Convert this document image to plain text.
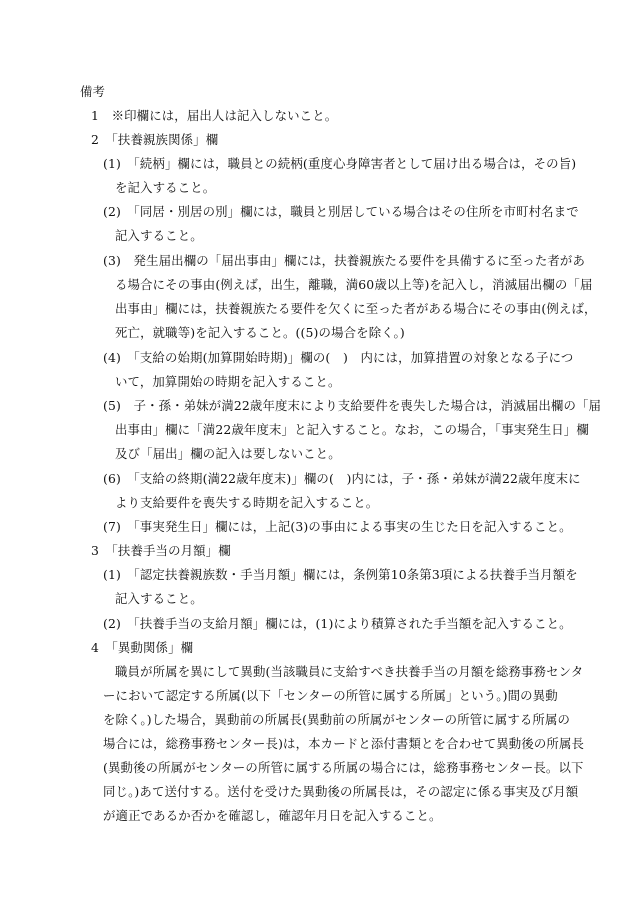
備考
1　※印欄には，届出人は記入しないこと。
2　「扶養親族関係」欄
(1)　「続柄」欄には，職員との続柄(重度心身障害者として届け出る場合は，その旨)
を記入すること。
(2)　「同居・別居の別」欄には，職員と別居している場合はその住所を市町村名まで
記入すること。
(3)　発生届出欄の「届出事由」欄には，扶養親族たる要件を具備するに至った者があ
る場合にその事由(例えば，出生，離職，満60歳以上等)を記入し，消滅届出欄の「届
出事由」欄には，扶養親族たる要件を欠くに至った者がある場合にその事由(例えば，
死亡，就職等)を記入すること。((5)の場合を除く。)
(4)　「支給の始期(加算開始時期)」欄の(　)　内には，加算措置の対象となる子につ
いて，加算開始の時期を記入すること。
(5)　子・孫・弟妹が満22歳年度末により支給要件を喪失した場合は，消滅届出欄の「届
出事由」欄に「満22歳年度末」と記入すること。なお，この場合，「事実発生日」欄
及び「届出」欄の記入は要しないこと。
(6)　「支給の終期(満22歳年度末)」欄の(　)内には，子・孫・弟妹が満22歳年度末に
より支給要件を喪失する時期を記入すること。
(7)　「事実発生日」欄には，上記(3)の事由による事実の生じた日を記入すること。
3　「扶養手当の月額」欄
(1)　「認定扶養親族数・手当月額」欄には，条例第10条第3項による扶養手当月額を
記入すること。
(2)　「扶養手当の支給月額」欄には，(1)により積算された手当額を記入すること。
4　「異動関係」欄
職員が所属を異にして異動(当該職員に支給すべき扶養手当の月額を総務事務センタ
ーにおいて認定する所属(以下「センターの所管に属する所属」という。)間の異動
を除く。)した場合，異動前の所属長(異動前の所属がセンターの所管に属する所属の
場合には，総務事務センター長)は，本カードと添付書類とを合わせて異動後の所属長
(異動後の所属がセンターの所管に属する所属の場合には，総務事務センター長。以下
同じ。)あて送付する。送付を受けた異動後の所属長は，その認定に係る事実及び月額
が適正であるか否かを確認し，確認年月日を記入すること。
